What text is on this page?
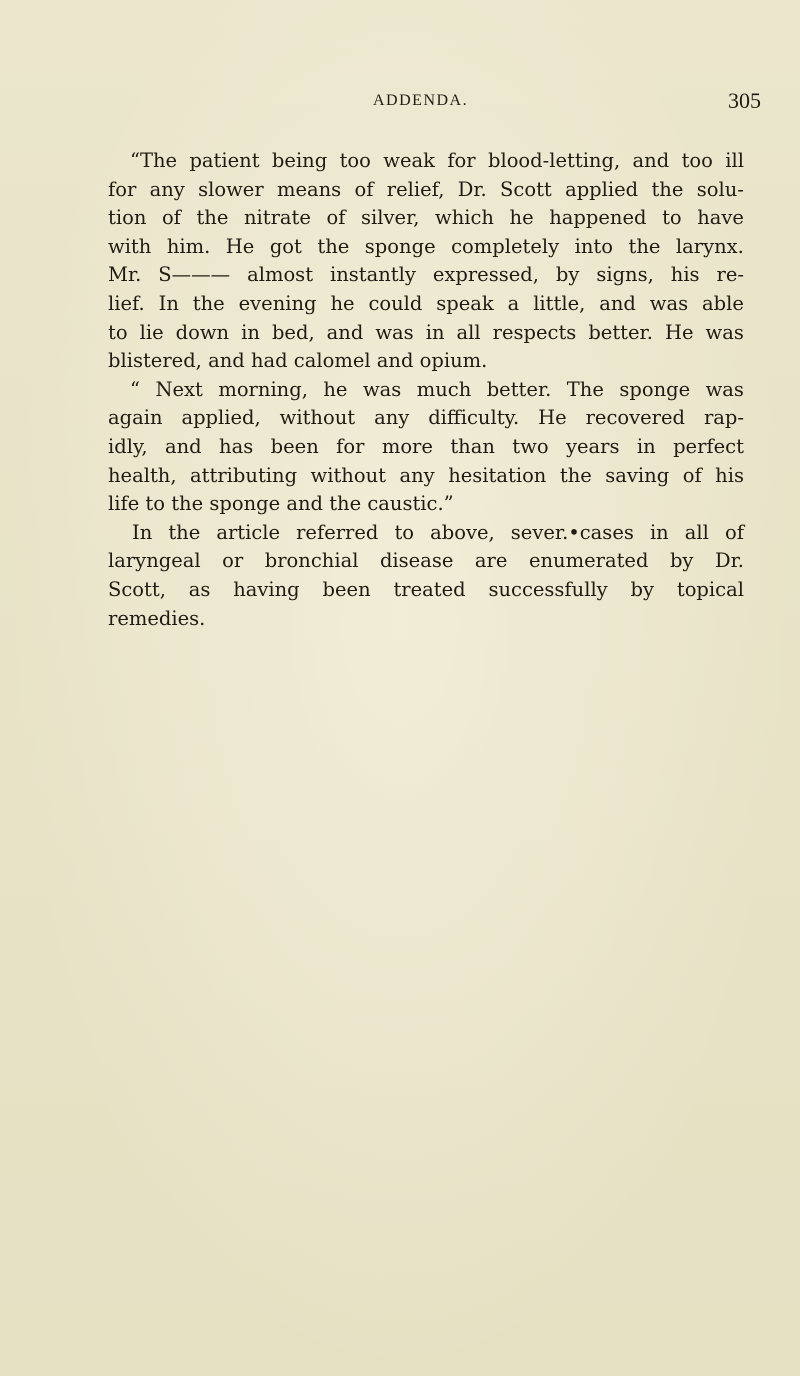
ADDENDA.	305
“The patient being too weak for blood-letting, and too ill
for any slower means of relief, Dr. Scott applied the solu-
tion of the nitrate of silver, which he happened to have
with him. He got the sponge completely into the larynx.
Mr. S——— almost instantly expressed, by signs, his re-
lief. In the evening he could speak a little, and was able
to lie down in bed, and was in all respects better. He was
blistered, and had calomel and opium.
“ Next morning, he was much better. The sponge was
again applied, without any difficulty. He recovered rap-
idly, and has been for more than two years in perfect
health, attributing without any hesitation the saving of his
life to the sponge and the caustic.”
In the article referred to above, sever.•cases in all of
laryngeal or bronchial disease are enumerated by Dr.
Scott, as having been treated successfully by topical
remedies.
